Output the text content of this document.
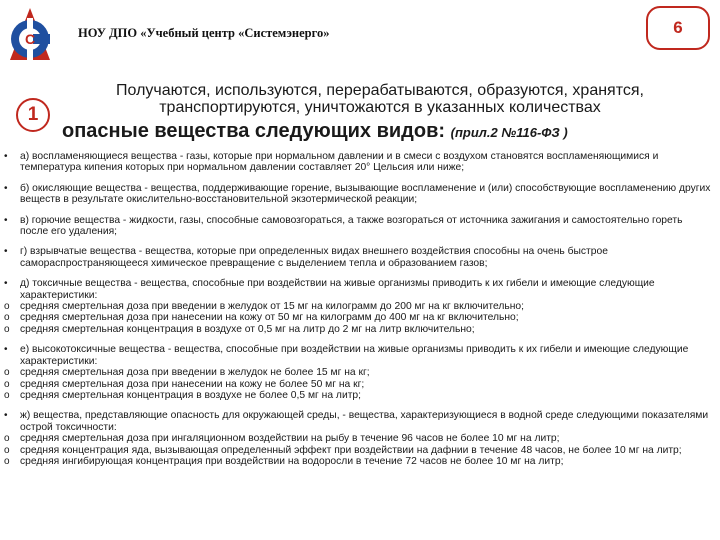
С	НОУ ДПО «Учебный центр «Системэнерго»	6
1
Получаются, используются, перерабатываются, образуются, хранятся, транспортируются, уничтожаются в указанных количествах
опасные вещества следующих видов: (прил.2 №116-ФЗ )
•	а) воспламеняющиеся вещества - газы, которые при нормальном давлении и в смеси с воздухом становятся воспламеняющимися и температура кипения которых при нормальном давлении составляет 20° Цельсия или ниже;
•	б) окисляющие вещества - вещества, поддерживающие горение, вызывающие воспламенение и (или) способствующие воспламенению других веществ в результате окислительно-восстановительной экзотермической реакции;
•	в) горючие вещества - жидкости, газы, способные самовозгораться, а также возгораться от источника зажигания и самостоятельно гореть после его удаления;
•	г) взрывчатые вещества - вещества, которые при определенных видах внешнего воздействия способны на очень быстрое самораспространяющееся химическое превращение с выделением тепла и образованием газов;
•	д) токсичные вещества - вещества, способные при воздействии на живые организмы приводить к их гибели и имеющие следующие характеристики:
o	средняя смертельная доза при введении в желудок от 15 мг на килограмм до 200 мг на кг включительно;
o	средняя смертельная доза при нанесении на кожу от 50 мг на килограмм до 400 мг на кг включительно;
o	средняя смертельная концентрация в воздухе от 0,5 мг на литр до 2 мг на литр включительно;
•	е) высокотоксичные вещества - вещества, способные при воздействии на живые организмы приводить к их гибели и имеющие следующие характеристики:
o	средняя смертельная доза при введении в желудок не более 15 мг на кг;
o	средняя смертельная доза при нанесении на кожу не более 50 мг на кг;
o	средняя смертельная концентрация в воздухе не более 0,5 мг на литр;
•	ж) вещества, представляющие опасность для окружающей среды, - вещества, характеризующиеся в водной среде следующими показателями острой токсичности:
o	средняя смертельная доза при ингаляционном воздействии на рыбу в течение 96 часов не более 10 мг на литр;
o	средняя концентрация яда, вызывающая определенный эффект при воздействии на дафнии в течение 48 часов, не более 10 мг на литр;
o	средняя ингибирующая концентрация при воздействии на водоросли в течение 72 часов не более 10 мг на литр;
